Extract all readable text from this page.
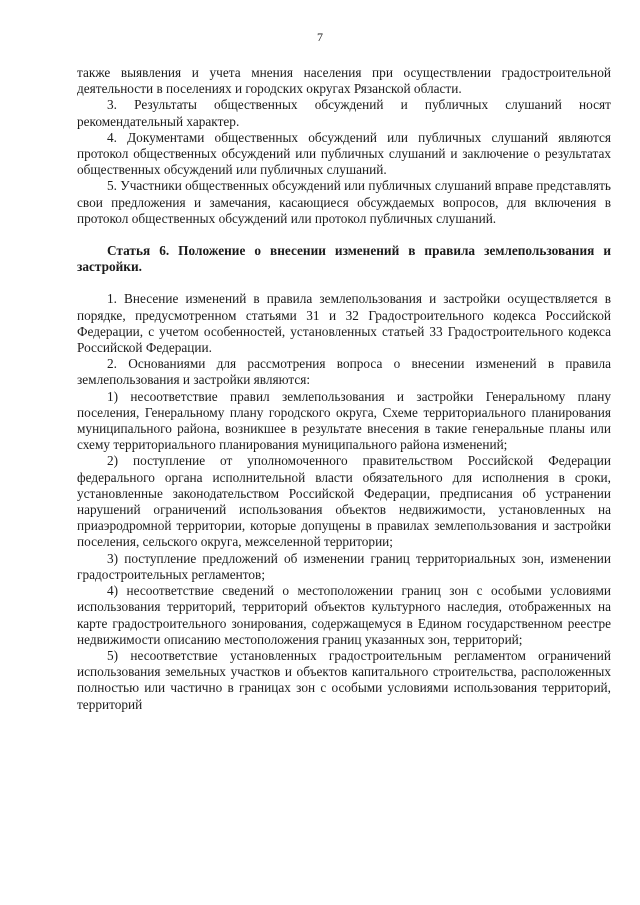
7

также выявления и учета мнения населения при осуществлении градостроительной деятельности в поселениях и городских округах Рязанской области.

3. Результаты общественных обсуждений и публичных слушаний носят рекомендательный характер.

4. Документами общественных обсуждений или публичных слушаний являются протокол общественных обсуждений или публичных слушаний и заключение о результатах общественных обсуждений или публичных слушаний.

5. Участники общественных обсуждений или публичных слушаний вправе представлять свои предложения и замечания, касающиеся обсуждаемых вопросов, для включения в протокол общественных обсуждений или протокол публичных слушаний.

Статья 6. Положение о внесении изменений в правила землепользования и застройки.

1. Внесение изменений в правила землепользования и застройки осуществляется в порядке, предусмотренном статьями 31 и 32 Градостроительного кодекса Российской Федерации, с учетом особенностей, установленных статьей 33 Градостроительного кодекса Российской Федерации.

2. Основаниями для рассмотрения вопроса о внесении изменений в правила землепользования и застройки являются:

1) несоответствие правил землепользования и застройки Генеральному плану поселения, Генеральному плану городского округа, Схеме территориального планирования муниципального района, возникшее в результате внесения в такие генеральные планы или схему территориального планирования муниципального района изменений;

2) поступление от уполномоченного правительством Российской Федерации федерального органа исполнительной власти обязательного для исполнения в сроки, установленные законодательством Российской Федерации, предписания об устранении нарушений ограничений использования объектов недвижимости, установленных на приаэродромной территории, которые допущены в правилах землепользования и застройки поселения, сельского округа, межселенной территории;

3) поступление предложений об изменении границ территориальных зон, изменении градостроительных регламентов;

4) несоответствие сведений о местоположении границ зон с особыми условиями использования территорий, территорий объектов культурного наследия, отображенных на карте градостроительного зонирования, содержащемуся в Едином государственном реестре недвижимости описанию местоположения границ указанных зон, территорий;

5) несоответствие установленных градостроительным регламентом ограничений использования земельных участков и объектов капитального строительства, расположенных полностью или частично в границах зон с особыми условиями использования территорий, территорий
